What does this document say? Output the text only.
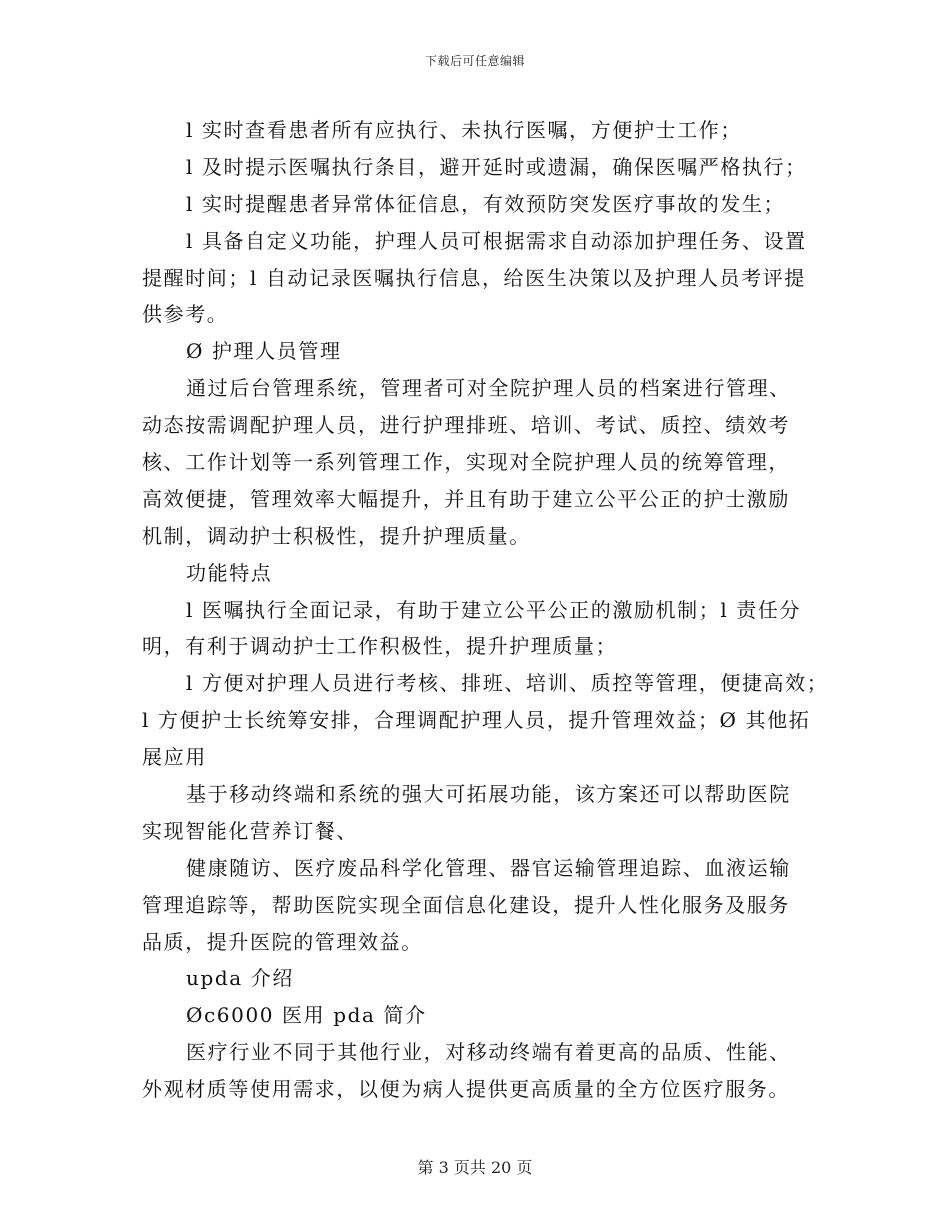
下载后可任意编辑
l 实时查看患者所有应执行、未执行医嘱，方便护士工作；
l 及时提示医嘱执行条目，避开延时或遗漏，确保医嘱严格执行；
l 实时提醒患者异常体征信息，有效预防突发医疗事故的发生；
l 具备自定义功能，护理人员可根据需求自动添加护理任务、设置
提醒时间；l 自动记录医嘱执行信息，给医生决策以及护理人员考评提
供参考。
Ø 护理人员管理
通过后台管理系统，管理者可对全院护理人员的档案进行管理、
动态按需调配护理人员，进行护理排班、培训、考试、质控、绩效考
核、工作计划等一系列管理工作，实现对全院护理人员的统筹管理，
高效便捷，管理效率大幅提升，并且有助于建立公平公正的护士激励
机制，调动护士积极性，提升护理质量。
功能特点
l 医嘱执行全面记录，有助于建立公平公正的激励机制；l 责任分
明，有利于调动护士工作积极性，提升护理质量；
l 方便对护理人员进行考核、排班、培训、质控等管理，便捷高效；
l 方便护士长统筹安排，合理调配护理人员，提升管理效益；Ø 其他拓
展应用
基于移动终端和系统的强大可拓展功能，该方案还可以帮助医院
实现智能化营养订餐、
健康随访、医疗废品科学化管理、器官运输管理追踪、血液运输
管理追踪等，帮助医院实现全面信息化建设，提升人性化服务及服务
品质，提升医院的管理效益。
upda 介绍
Øc6000 医用 pda 简介
医疗行业不同于其他行业，对移动终端有着更高的品质、性能、
外观材质等使用需求，以便为病人提供更高质量的全方位医疗服务。
第 3 页共 20 页
